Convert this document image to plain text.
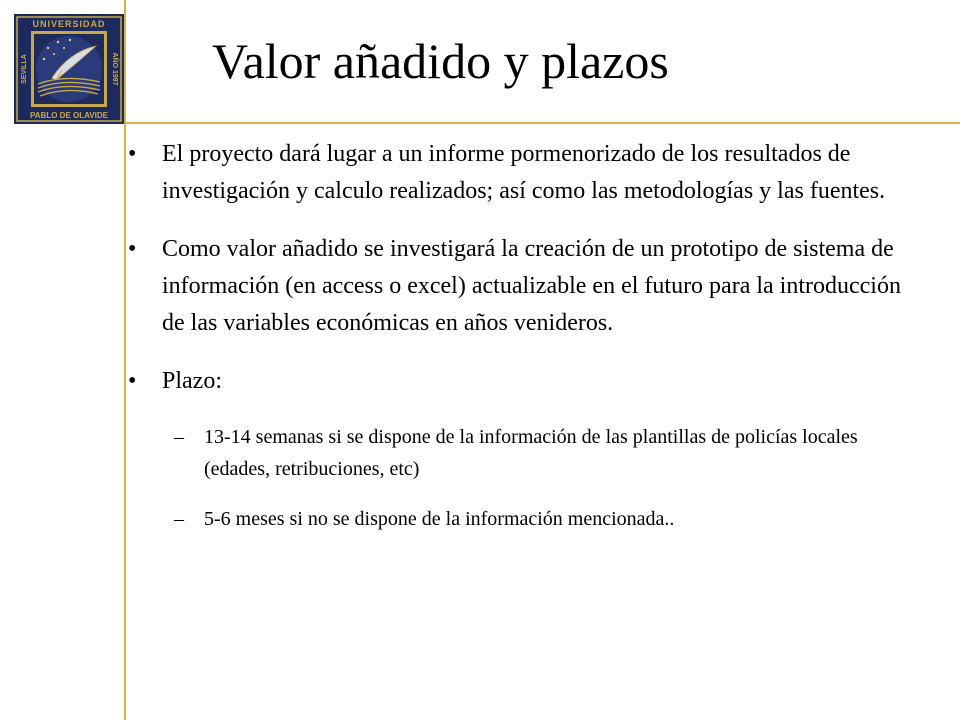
UNIVERSIDAD
PABLO DE OLAVIDE
SEVILLA	AÑO 1997 Valor añadido y plazos
• El proyecto dará lugar a un informe pormenorizado de los resultados de investigación y calculo realizados; así como las metodologías y las fuentes.
• Como valor añadido se investigará la creación de un prototipo de sistema de información (en access o excel) actualizable en el futuro para la introducción de las variables económicas en años venideros.
• Plazo:
– 13-14 semanas si se dispone de la información de las plantillas de policías locales (edades, retribuciones, etc)
– 5-6 meses si no se dispone de la información mencionada..
